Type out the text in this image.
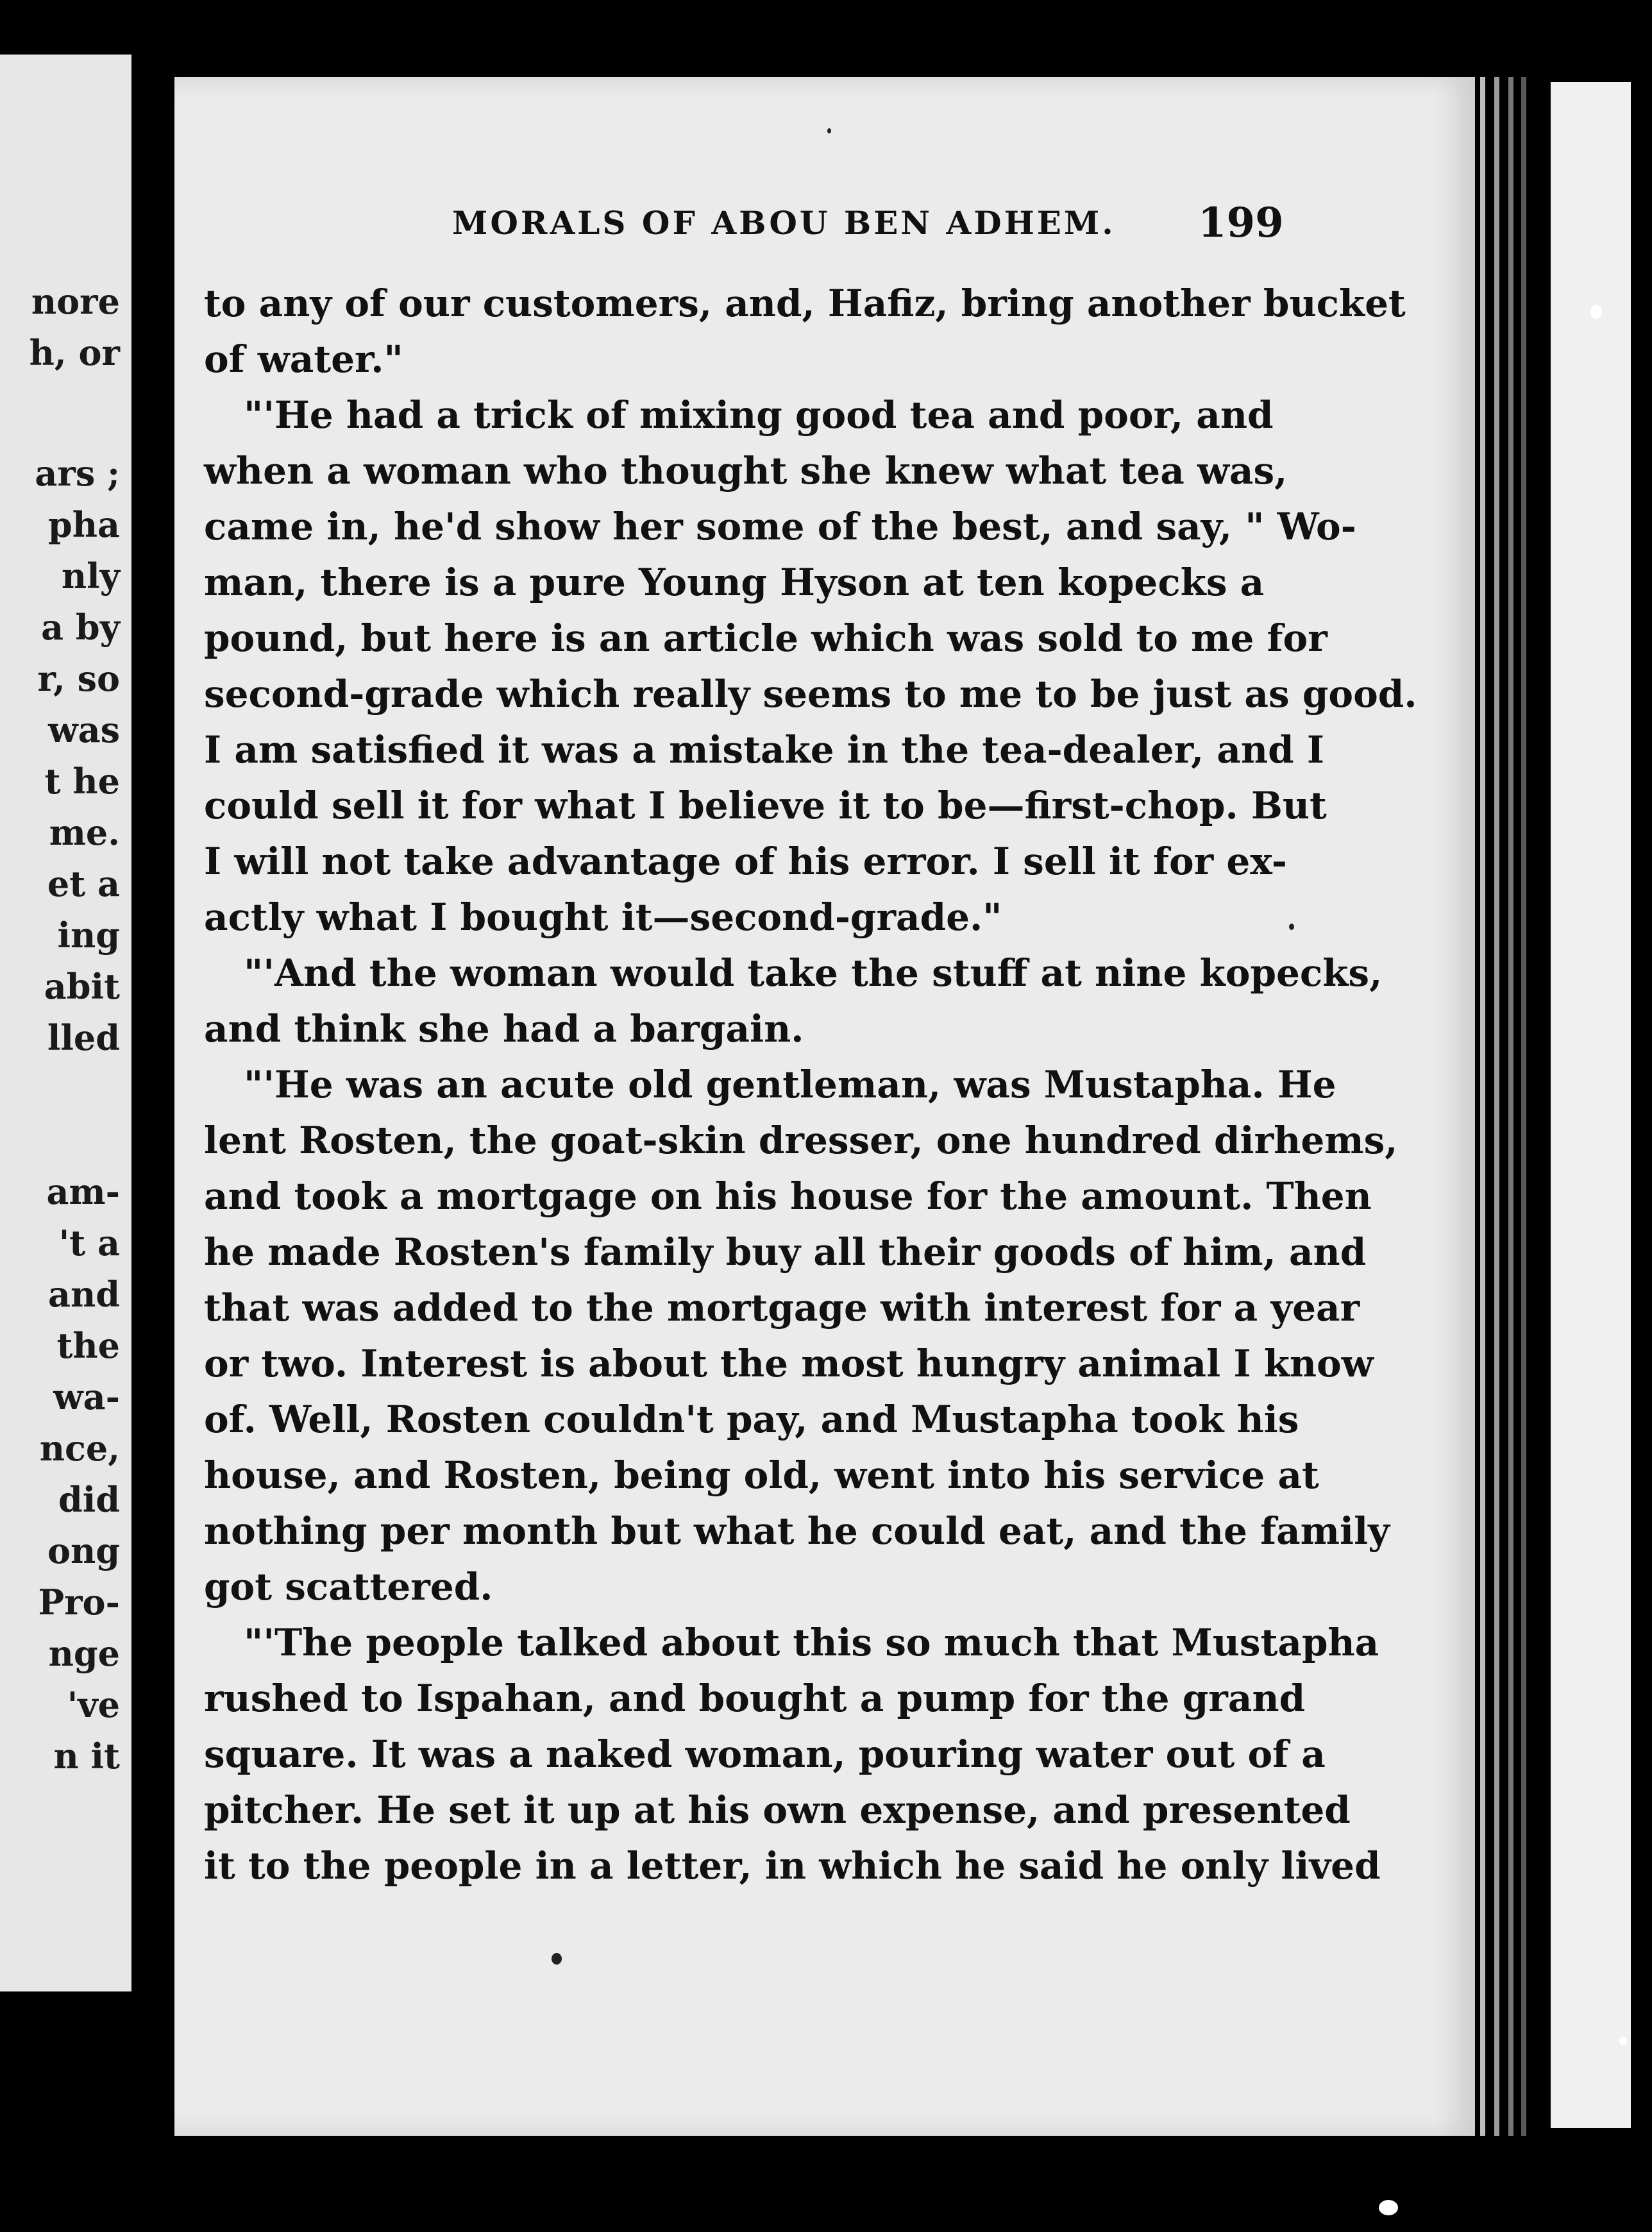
nore
h, or
ars ;
pha
nly
a by
r, so
was
t he
me.
et a
ing
abit
lled
am-
't a
and
the
wa-
nce,
did
ong
Pro-
nge
've
n it
MORALS OF ABOU BEN ADHEM. 199
to any of our customers, and, Hafiz, bring another bucket
of water."
"'He had a trick of mixing good tea and poor, and
when a woman who thought she knew what tea was,
came in, he'd show her some of the best, and say, " Wo-
man, there is a pure Young Hyson at ten kopecks a
pound, but here is an article which was sold to me for
second-grade which really seems to me to be just as good.
I am satisfied it was a mistake in the tea-dealer, and I
could sell it for what I believe it to be—first-chop. But
I will not take advantage of his error. I sell it for ex-
actly what I bought it—second-grade."
"'And the woman would take the stuff at nine kopecks,
and think she had a bargain.
"'He was an acute old gentleman, was Mustapha. He
lent Rosten, the goat-skin dresser, one hundred dirhems,
and took a mortgage on his house for the amount. Then
he made Rosten's family buy all their goods of him, and
that was added to the mortgage with interest for a year
or two. Interest is about the most hungry animal I know
of. Well, Rosten couldn't pay, and Mustapha took his
house, and Rosten, being old, went into his service at
nothing per month but what he could eat, and the family
got scattered.
"'The people talked about this so much that Mustapha
rushed to Ispahan, and bought a pump for the grand
square. It was a naked woman, pouring water out of a
pitcher. He set it up at his own expense, and presented
it to the people in a letter, in which he said he only lived
